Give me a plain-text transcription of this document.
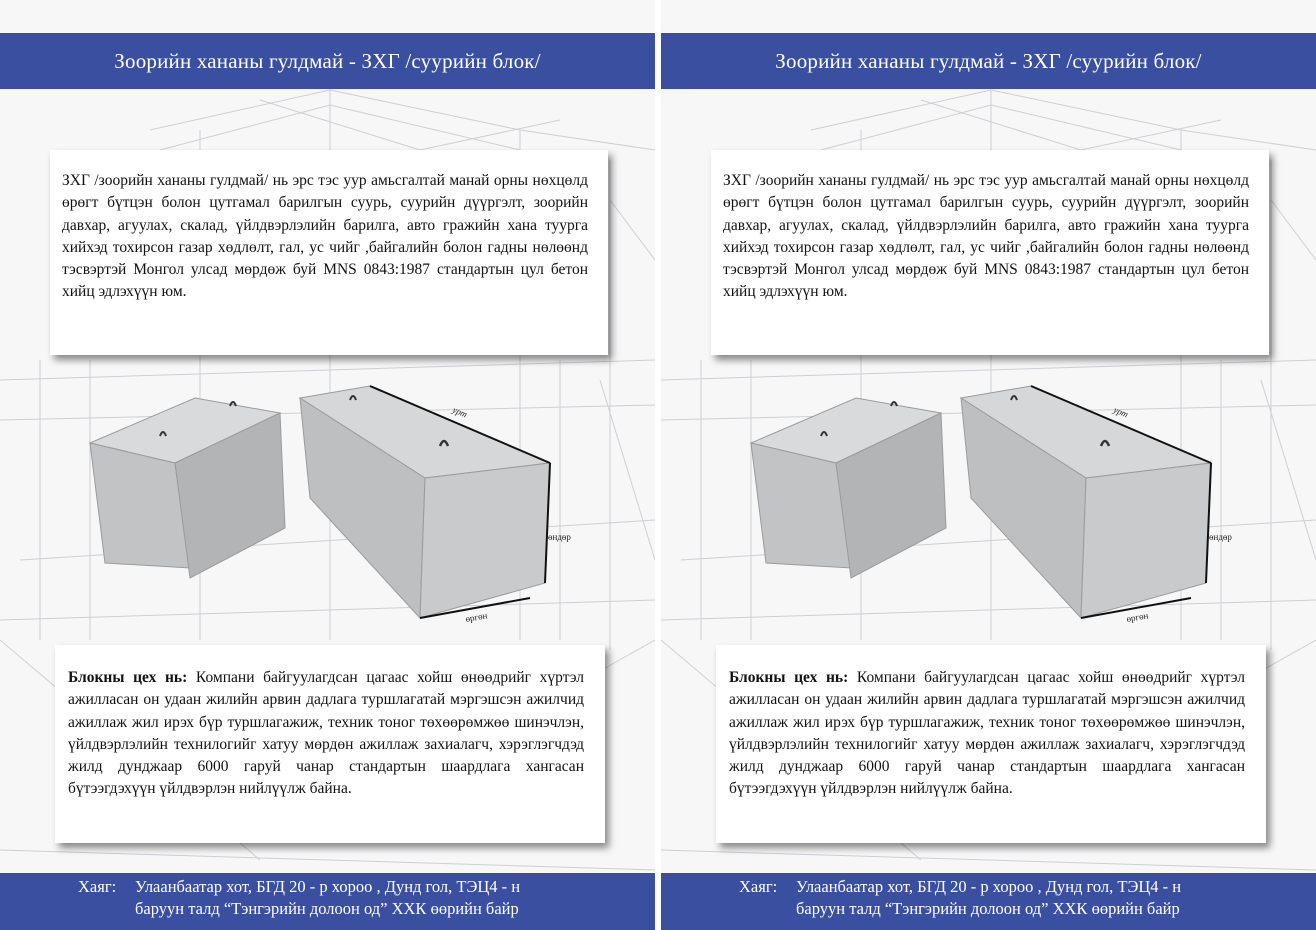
Зоорийн хананы гулдмай - ЗХГ /суурийн блок/
ЗХГ /зоорийн хананы гулдмай/ нь эрс тэс уур амьсгалтай манай орны нөхцөлд өрөгт бүтцэн болон цутгамал барилгын суурь, суурийн дүүргэлт, зоорийн давхар, агуулах, скалад, үйлдвэрлэлийн барилга, авто гражийн хана туурга хийхэд тохирсон газар хөдлөлт, гал, ус чийг ,байгалийн болон гадны нөлөөнд тэсвэртэй Монгол улсад мөрдөж буй MNS 0843:1987 стандартын цул бетон хийц эдлэхүүн юм.
урт
өндөр
өргөн
Блокны цех нь: Компани байгуулагдсан цагаас хойш өнөөдрийг хүртэл ажилласан он удаан жилийн арвин дадлага туршлагатай мэргэшсэн ажилчид ажиллаж жил ирэх бүр туршлагажиж, техник тоног төхөөрөмжөө шинэчлэн, үйлдвэрлэлийн технилогийг хатуу мөрдөн ажиллаж захиалагч, хэрэглэгчдэд жилд дунджаар 6000 гаруй чанар стандартын шаардлага хангасан бүтээгдэхүүн үйлдвэрлэн нийлүүлж байна.
Хаяг: Улаанбаатар хот, БГД 20 - р хороо , Дунд гол, ТЭЦ4 - н
баруун талд “Тэнгэрийн долоон од” ХХК өөрийн байр
Зоорийн хананы гулдмай - ЗХГ /суурийн блок/
ЗХГ /зоорийн хананы гулдмай/ нь эрс тэс уур амьсгалтай манай орны нөхцөлд өрөгт бүтцэн болон цутгамал барилгын суурь, суурийн дүүргэлт, зоорийн давхар, агуулах, скалад, үйлдвэрлэлийн барилга, авто гражийн хана туурга хийхэд тохирсон газар хөдлөлт, гал, ус чийг ,байгалийн болон гадны нөлөөнд тэсвэртэй Монгол улсад мөрдөж буй MNS 0843:1987 стандартын цул бетон хийц эдлэхүүн юм.
урт
өндөр
өргөн
Блокны цех нь: Компани байгуулагдсан цагаас хойш өнөөдрийг хүртэл ажилласан он удаан жилийн арвин дадлага туршлагатай мэргэшсэн ажилчид ажиллаж жил ирэх бүр туршлагажиж, техник тоног төхөөрөмжөө шинэчлэн, үйлдвэрлэлийн технилогийг хатуу мөрдөн ажиллаж захиалагч, хэрэглэгчдэд жилд дунджаар 6000 гаруй чанар стандартын шаардлага хангасан бүтээгдэхүүн үйлдвэрлэн нийлүүлж байна.
Хаяг: Улаанбаатар хот, БГД 20 - р хороо , Дунд гол, ТЭЦ4 - н
баруун талд “Тэнгэрийн долоон од” ХХК өөрийн байр
